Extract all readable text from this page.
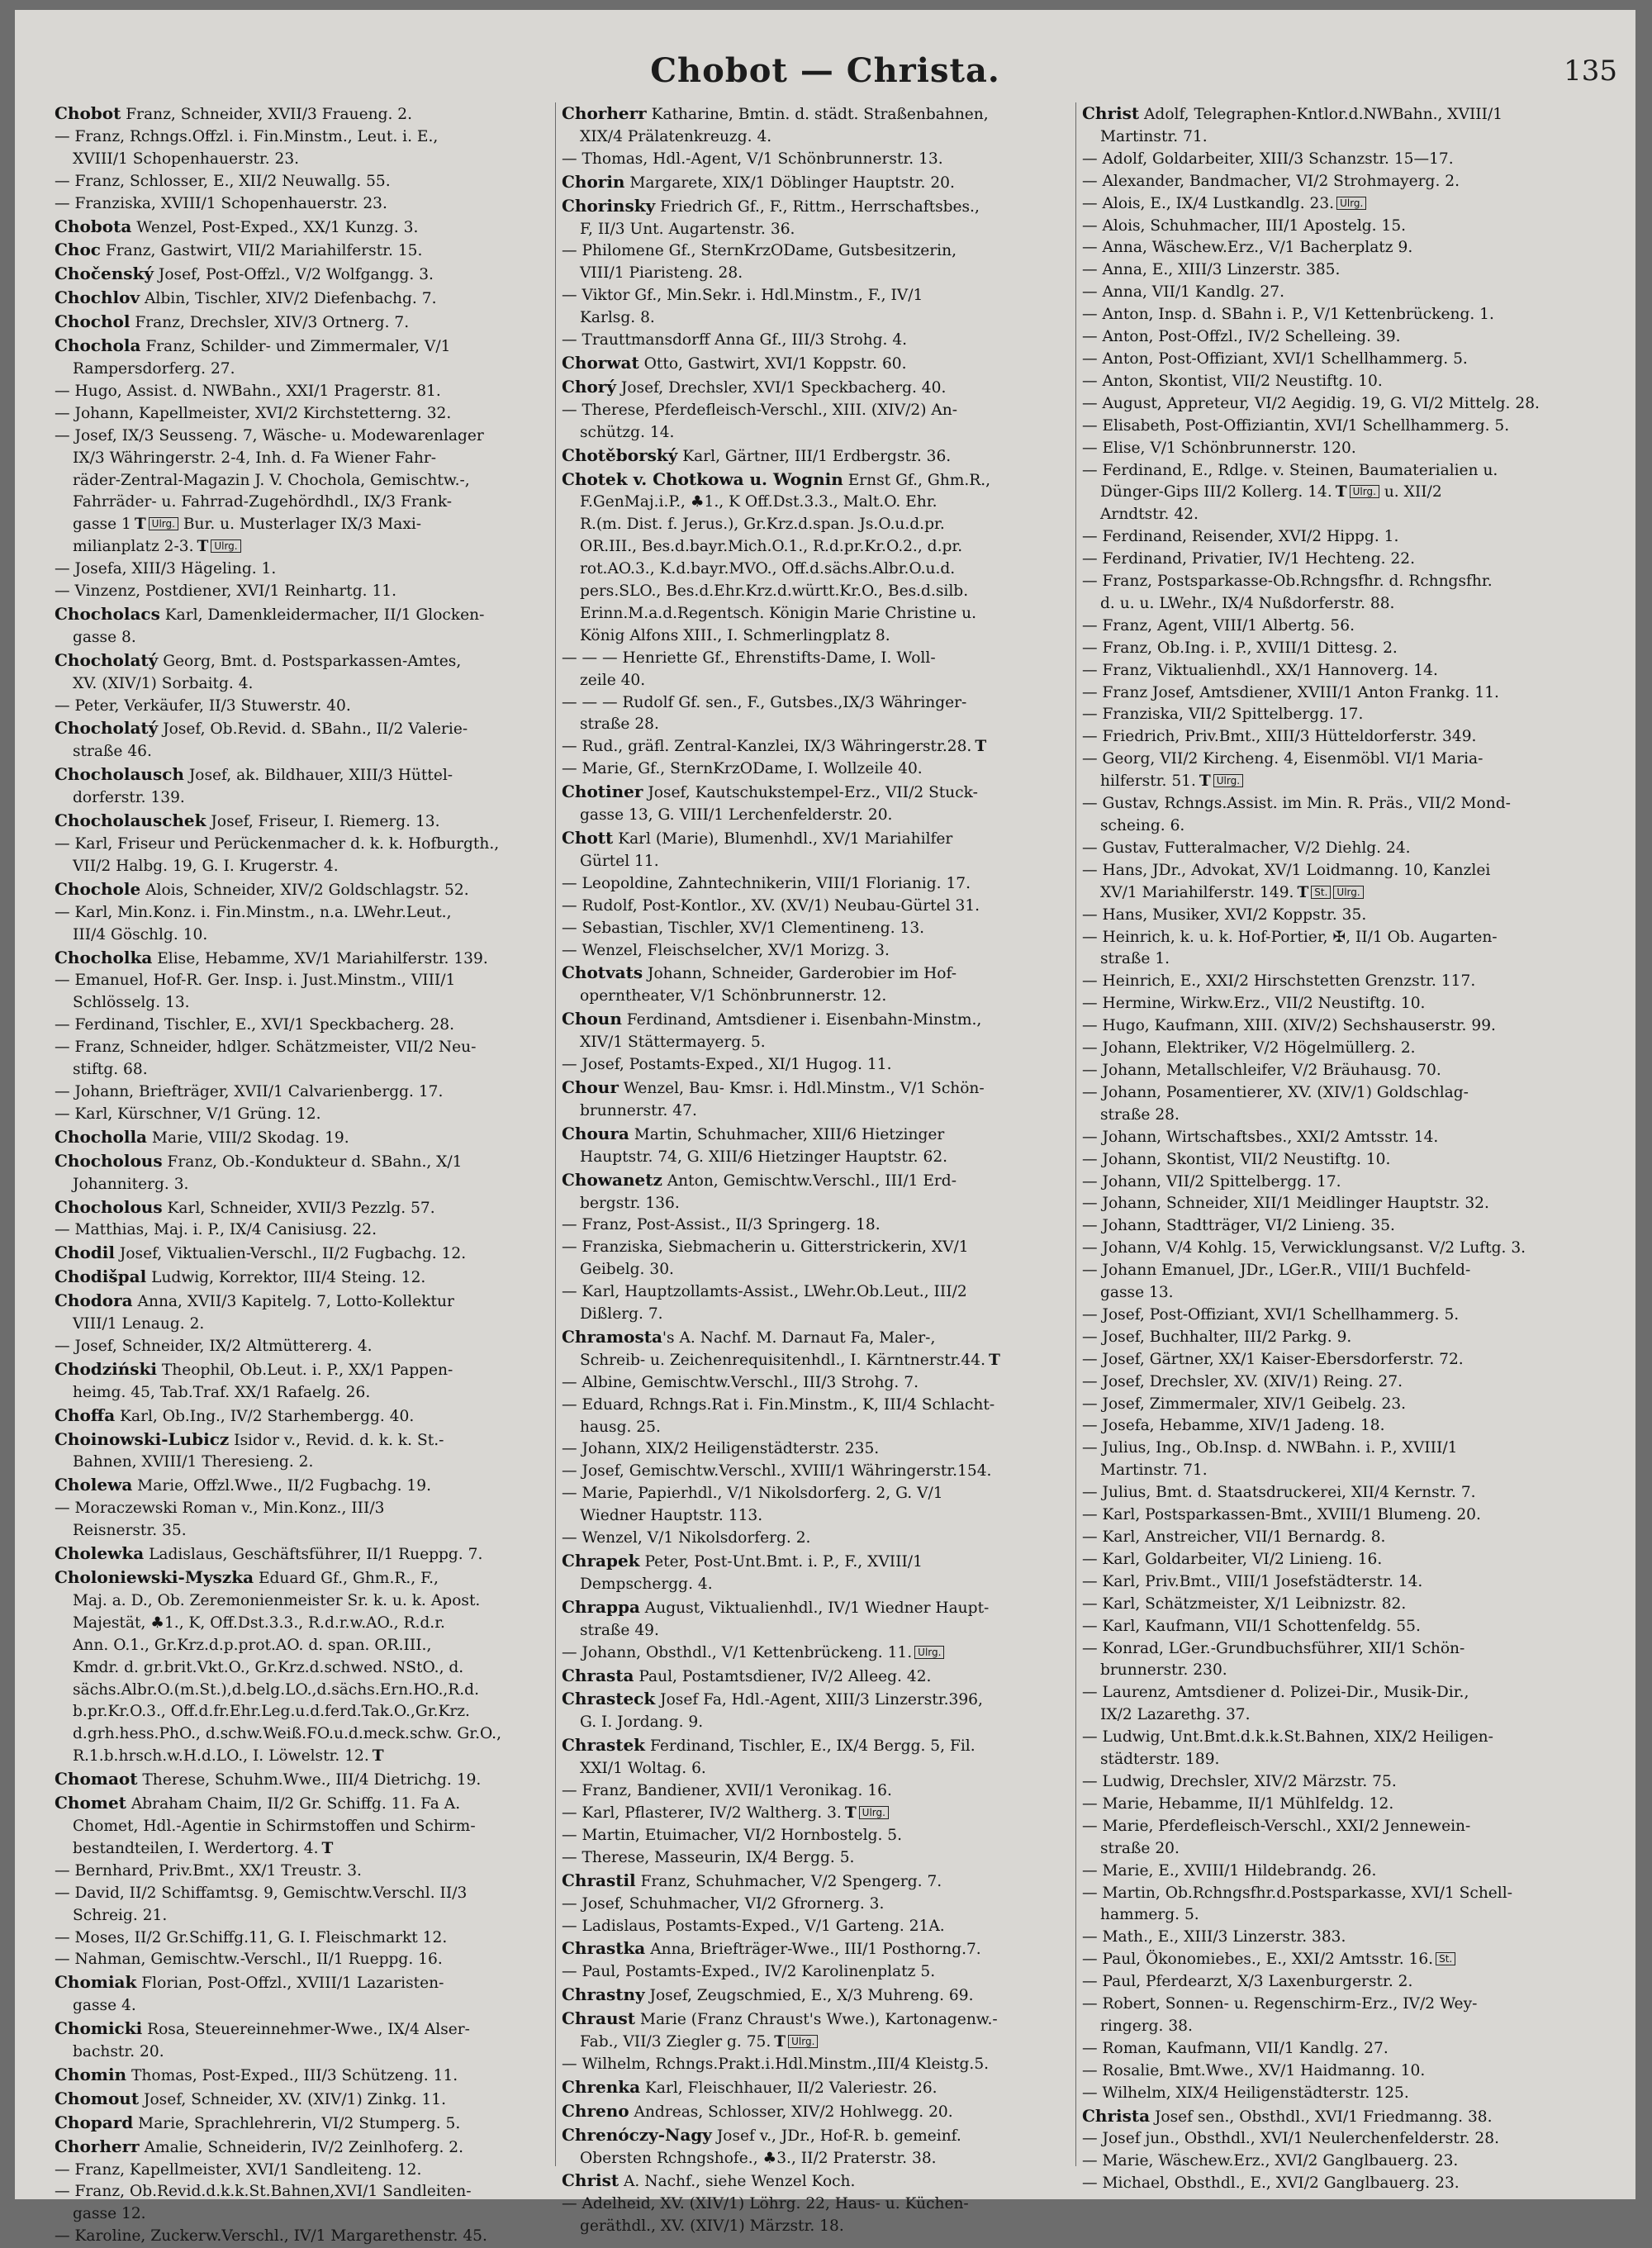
Chobot — Christa.	135
Chobot Franz, Schneider, XVII/3 Fraueng. 2.
— Franz, Rchngs.Offzl. i. Fin.Minstm., Leut. i. E.,
XVIII/1 Schopenhauerstr. 23.
— Franz, Schlosser, E., XII/2 Neuwallg. 55.
— Franziska, XVIII/1 Schopenhauerstr. 23.
Chobota Wenzel, Post-Exped., XX/1 Kunzg. 3.
Choc Franz, Gastwirt, VII/2 Mariahilferstr. 15.
Chočenský Josef, Post-Offzl., V/2 Wolfgangg. 3.
Chochlov Albin, Tischler, XIV/2 Diefenbachg. 7.
Chochol Franz, Drechsler, XIV/3 Ortnerg. 7.
Chochola Franz, Schilder- und Zimmermaler, V/1
Rampersdorferg. 27.
— Hugo, Assist. d. NWBahn., XXI/1 Pragerstr. 81.
— Johann, Kapellmeister, XVI/2 Kirchstetterng. 32.
— Josef, IX/3 Seusseng. 7, Wäsche- u. Modewarenlager
IX/3 Währingerstr. 2-4, Inh. d. Fa Wiener Fahr-
räder-Zentral-Magazin J. V. Chochola, Gemischtw.-,
Fahrräder- u. Fahrrad-Zugehördhdl., IX/3 Frank-
gasse 1 T Ulrg. Bur. u. Musterlager IX/3 Maxi-
milianplatz 2-3. T Ulrg.
— Josefa, XIII/3 Hägeling. 1.
— Vinzenz, Postdiener, XVI/1 Reinhartg. 11.
Chocholacs Karl, Damenkleidermacher, II/1 Glocken-
gasse 8.
Chocholatý Georg, Bmt. d. Postsparkassen-Amtes,
XV. (XIV/1) Sorbaitg. 4.
— Peter, Verkäufer, II/3 Stuwerstr. 40.
Chocholatý Josef, Ob.Revid. d. SBahn., II/2 Valerie-
straße 46.
Chocholausch Josef, ak. Bildhauer, XIII/3 Hüttel-
dorferstr. 139.
Chocholauschek Josef, Friseur, I. Riemerg. 13.
— Karl, Friseur und Perückenmacher d. k. k. Hofburgth.,
VII/2 Halbg. 19, G. I. Krugerstr. 4.
Chochole Alois, Schneider, XIV/2 Goldschlagstr. 52.
— Karl, Min.Konz. i. Fin.Minstm., n.a. LWehr.Leut.,
III/4 Göschlg. 10.
Chocholka Elise, Hebamme, XV/1 Mariahilferstr. 139.
— Emanuel, Hof-R. Ger. Insp. i. Just.Minstm., VIII/1
Schlösselg. 13.
— Ferdinand, Tischler, E., XVI/1 Speckbacherg. 28.
— Franz, Schneider, hdlger. Schätzmeister, VII/2 Neu-
stiftg. 68.
— Johann, Briefträger, XVII/1 Calvarienbergg. 17.
— Karl, Kürschner, V/1 Grüng. 12.
Chocholla Marie, VIII/2 Skodag. 19.
Chocholous Franz, Ob.-Kondukteur d. SBahn., X/1
Johanniterg. 3.
Chocholous Karl, Schneider, XVII/3 Pezzlg. 57.
— Matthias, Maj. i. P., IX/4 Canisiusg. 22.
Chodil Josef, Viktualien-Verschl., II/2 Fugbachg. 12.
Chodišpal Ludwig, Korrektor, III/4 Steing. 12.
Chodora Anna, XVII/3 Kapitelg. 7, Lotto-Kollektur
VIII/1 Lenaug. 2.
— Josef, Schneider, IX/2 Altmüttererg. 4.
Chodziński Theophil, Ob.Leut. i. P., XX/1 Pappen-
heimg. 45, Tab.Traf. XX/1 Rafaelg. 26.
Choffa Karl, Ob.Ing., IV/2 Starhembergg. 40.
Choinowski-Lubicz Isidor v., Revid. d. k. k. St.-
Bahnen, XVIII/1 Theresieng. 2.
Cholewa Marie, Offzl.Wwe., II/2 Fugbachg. 19.
— Moraczewski Roman v., Min.Konz., III/3
Reisnerstr. 35.
Cholewka Ladislaus, Geschäftsführer, II/1 Rueppg. 7.
Choloniewski-Myszka Eduard Gf., Ghm.R., F.,
Maj. a. D., Ob. Zeremonienmeister Sr. k. u. k. Apost.
Majestät, ♣1., K, Off.Dst.3.3., R.d.r.w.AO., R.d.r.
Ann. O.1., Gr.Krz.d.p.prot.AO. d. span. OR.III.,
Kmdr. d. gr.brit.Vkt.O., Gr.Krz.d.schwed. NStO., d.
sächs.Albr.O.(m.St.),d.belg.LO.,d.sächs.Ern.HO.,R.d.
b.pr.Kr.O.3., Off.d.fr.Ehr.Leg.u.d.ferd.Tak.O.,Gr.Krz.
d.grh.hess.PhO., d.schw.Weiß.FO.u.d.meck.schw. Gr.O.,
R.1.b.hrsch.w.H.d.LO., I. Löwelstr. 12. T
Chomaot Therese, Schuhm.Wwe., III/4 Dietrichg. 19.
Chomet Abraham Chaim, II/2 Gr. Schiffg. 11. Fa A.
Chomet, Hdl.-Agentie in Schirmstoffen und Schirm-
bestandteilen, I. Werdertorg. 4. T
— Bernhard, Priv.Bmt., XX/1 Treustr. 3.
— David, II/2 Schiffamtsg. 9, Gemischtw.Verschl. II/3
Schreig. 21.
— Moses, II/2 Gr.Schiffg.11, G. I. Fleischmarkt 12.
— Nahman, Gemischtw.-Verschl., II/1 Rueppg. 16.
Chomiak Florian, Post-Offzl., XVIII/1 Lazaristen-
gasse 4.
Chomicki Rosa, Steuereinnehmer-Wwe., IX/4 Alser-
bachstr. 20.
Chomin Thomas, Post-Exped., III/3 Schützeng. 11.
Chomout Josef, Schneider, XV. (XIV/1) Zinkg. 11.
Chopard Marie, Sprachlehrerin, VI/2 Stumperg. 5.
Chorherr Amalie, Schneiderin, IV/2 Zeinlhoferg. 2.
— Franz, Kapellmeister, XVI/1 Sandleiteng. 12.
— Franz, Ob.Revid.d.k.k.St.Bahnen,XVI/1 Sandleiten-
gasse 12.
— Karoline, Zuckerw.Verschl., IV/1 Margarethenstr. 45.
Chorherr Katharine, Bmtin. d. städt. Straßenbahnen,
XIX/4 Prälatenkreuzg. 4.
— Thomas, Hdl.-Agent, V/1 Schönbrunnerstr. 13.
Chorin Margarete, XIX/1 Döblinger Hauptstr. 20.
Chorinsky Friedrich Gf., F., Rittm., Herrschaftsbes.,
F, II/3 Unt. Augartenstr. 36.
— Philomene Gf., SternKrzODame, Gutsbesitzerin,
VIII/1 Piaristeng. 28.
— Viktor Gf., Min.Sekr. i. Hdl.Minstm., F., IV/1
Karlsg. 8.
— Trauttmansdorff Anna Gf., III/3 Strohg. 4.
Chorwat Otto, Gastwirt, XVI/1 Koppstr. 60.
Chorý Josef, Drechsler, XVI/1 Speckbacherg. 40.
— Therese, Pferdefleisch-Verschl., XIII. (XIV/2) An-
schützg. 14.
Chotěborský Karl, Gärtner, III/1 Erdbergstr. 36.
Chotek v. Chotkowa u. Wognin Ernst Gf., Ghm.R.,
F.GenMaj.i.P., ♣1., K Off.Dst.3.3., Malt.O. Ehr.
R.(m. Dist. f. Jerus.), Gr.Krz.d.span. Js.O.u.d.pr.
OR.III., Bes.d.bayr.Mich.O.1., R.d.pr.Kr.O.2., d.pr.
rot.AO.3., K.d.bayr.MVO., Off.d.sächs.Albr.O.u.d.
pers.SLO., Bes.d.Ehr.Krz.d.württ.Kr.O., Bes.d.silb.
Erinn.M.a.d.Regentsch. Königin Marie Christine u.
König Alfons XIII., I. Schmerlingplatz 8.
— — — Henriette Gf., Ehrenstifts-Dame, I. Woll-
zeile 40.
— — — Rudolf Gf. sen., F., Gutsbes.,IX/3 Währinger-
straße 28.
— Rud., gräfl. Zentral-Kanzlei, IX/3 Währingerstr.28. T
— Marie, Gf., SternKrzODame, I. Wollzeile 40.
Chotiner Josef, Kautschukstempel-Erz., VII/2 Stuck-
gasse 13, G. VIII/1 Lerchenfelderstr. 20.
Chott Karl (Marie), Blumenhdl., XV/1 Mariahilfer
Gürtel 11.
— Leopoldine, Zahntechnikerin, VIII/1 Florianig. 17.
— Rudolf, Post-Kontlor., XV. (XV/1) Neubau-Gürtel 31.
— Sebastian, Tischler, XV/1 Clementineng. 13.
— Wenzel, Fleischselcher, XV/1 Morizg. 3.
Chotvats Johann, Schneider, Garderobier im Hof-
operntheater, V/1 Schönbrunnerstr. 12.
Choun Ferdinand, Amtsdiener i. Eisenbahn-Minstm.,
XIV/1 Stättermayerg. 5.
— Josef, Postamts-Exped., XI/1 Hugog. 11.
Chour Wenzel, Bau- Kmsr. i. Hdl.Minstm., V/1 Schön-
brunnerstr. 47.
Choura Martin, Schuhmacher, XIII/6 Hietzinger
Hauptstr. 74, G. XIII/6 Hietzinger Hauptstr. 62.
Chowanetz Anton, Gemischtw.Verschl., III/1 Erd-
bergstr. 136.
— Franz, Post-Assist., II/3 Springerg. 18.
— Franziska, Siebmacherin u. Gitterstrickerin, XV/1
Geibelg. 30.
— Karl, Hauptzollamts-Assist., LWehr.Ob.Leut., III/2
Dißlerg. 7.
Chramosta's A. Nachf. M. Darnaut Fa, Maler-,
Schreib- u. Zeichenrequisitenhdl., I. Kärntnerstr.44. T
— Albine, Gemischtw.Verschl., III/3 Strohg. 7.
— Eduard, Rchngs.Rat i. Fin.Minstm., K, III/4 Schlacht-
hausg. 25.
— Johann, XIX/2 Heiligenstädterstr. 235.
— Josef, Gemischtw.Verschl., XVIII/1 Währingerstr.154.
— Marie, Papierhdl., V/1 Nikolsdorferg. 2, G. V/1
Wiedner Hauptstr. 113.
— Wenzel, V/1 Nikolsdorferg. 2.
Chrapek Peter, Post-Unt.Bmt. i. P., F., XVIII/1
Dempschergg. 4.
Chrappa August, Viktualienhdl., IV/1 Wiedner Haupt-
straße 49.
— Johann, Obsthdl., V/1 Kettenbrückeng. 11. Ulrg.
Chrasta Paul, Postamtsdiener, IV/2 Alleeg. 42.
Chrasteck Josef Fa, Hdl.-Agent, XIII/3 Linzerstr.396,
G. I. Jordang. 9.
Chrastek Ferdinand, Tischler, E., IX/4 Bergg. 5, Fil.
XXI/1 Woltag. 6.
— Franz, Bandiener, XVII/1 Veronikag. 16.
— Karl, Pflasterer, IV/2 Waltherg. 3. T Ulrg.
— Martin, Etuimacher, VI/2 Hornbostelg. 5.
— Therese, Masseurin, IX/4 Bergg. 5.
Chrastil Franz, Schuhmacher, V/2 Spengerg. 7.
— Josef, Schuhmacher, VI/2 Gfrornerg. 3.
— Ladislaus, Postamts-Exped., V/1 Garteng. 21A.
Chrastka Anna, Briefträger-Wwe., III/1 Posthorng.7.
— Paul, Postamts-Exped., IV/2 Karolinenplatz 5.
Chrastny Josef, Zeugschmied, E., X/3 Muhreng. 69.
Chraust Marie (Franz Chraust's Wwe.), Kartonagenw.-
Fab., VII/3 Ziegler g. 75. T Ulrg.
— Wilhelm, Rchngs.Prakt.i.Hdl.Minstm.,III/4 Kleistg.5.
Chrenka Karl, Fleischhauer, II/2 Valeriestr. 26.
Chreno Andreas, Schlosser, XIV/2 Hohlwegg. 20.
Chrenóczy-Nagy Josef v., JDr., Hof-R. b. gemeinf.
Obersten Rchngshofe., ♣3., II/2 Praterstr. 38.
Christ A. Nachf., siehe Wenzel Koch.
— Adelheid, XV. (XIV/1) Löhrg. 22, Haus- u. Küchen-
geräthdl., XV. (XIV/1) Märzstr. 18.
Christ Adolf, Telegraphen-Kntlor.d.NWBahn., XVIII/1
Martinstr. 71.
— Adolf, Goldarbeiter, XIII/3 Schanzstr. 15—17.
— Alexander, Bandmacher, VI/2 Strohmayerg. 2.
— Alois, E., IX/4 Lustkandlg. 23. Ulrg.
— Alois, Schuhmacher, III/1 Apostelg. 15.
— Anna, Wäschew.Erz., V/1 Bacherplatz 9.
— Anna, E., XIII/3 Linzerstr. 385.
— Anna, VII/1 Kandlg. 27.
— Anton, Insp. d. SBahn i. P., V/1 Kettenbrückeng. 1.
— Anton, Post-Offzl., IV/2 Schelleing. 39.
— Anton, Post-Offiziant, XVI/1 Schellhammerg. 5.
— Anton, Skontist, VII/2 Neustiftg. 10.
— August, Appreteur, VI/2 Aegidig. 19, G. VI/2 Mittelg. 28.
— Elisabeth, Post-Offiziantin, XVI/1 Schellhammerg. 5.
— Elise, V/1 Schönbrunnerstr. 120.
— Ferdinand, E., Rdlge. v. Steinen, Baumaterialien u.
Dünger-Gips III/2 Kollerg. 14. T Ulrg. u. XII/2
Arndtstr. 42.
— Ferdinand, Reisender, XVI/2 Hippg. 1.
— Ferdinand, Privatier, IV/1 Hechteng. 22.
— Franz, Postsparkasse-Ob.Rchngsfhr. d. Rchngsfhr.
d. u. u. LWehr., IX/4 Nußdorferstr. 88.
— Franz, Agent, VIII/1 Albertg. 56.
— Franz, Ob.Ing. i. P., XVIII/1 Dittesg. 2.
— Franz, Viktualienhdl., XX/1 Hannoverg. 14.
— Franz Josef, Amtsdiener, XVIII/1 Anton Frankg. 11.
— Franziska, VII/2 Spittelbergg. 17.
— Friedrich, Priv.Bmt., XIII/3 Hütteldorferstr. 349.
— Georg, VII/2 Kircheng. 4, Eisenmöbl. VI/1 Maria-
hilferstr. 51. T Ulrg.
— Gustav, Rchngs.Assist. im Min. R. Präs., VII/2 Mond-
scheing. 6.
— Gustav, Futteralmacher, V/2 Diehlg. 24.
— Hans, JDr., Advokat, XV/1 Loidmanng. 10, Kanzlei
XV/1 Mariahilferstr. 149. T St. Ulrg.
— Hans, Musiker, XVI/2 Koppstr. 35.
— Heinrich, k. u. k. Hof-Portier, ✠, II/1 Ob. Augarten-
straße 1.
— Heinrich, E., XXI/2 Hirschstetten Grenzstr. 117.
— Hermine, Wirkw.Erz., VII/2 Neustiftg. 10.
— Hugo, Kaufmann, XIII. (XIV/2) Sechshauserstr. 99.
— Johann, Elektriker, V/2 Högelmüllerg. 2.
— Johann, Metallschleifer, V/2 Bräuhausg. 70.
— Johann, Posamentierer, XV. (XIV/1) Goldschlag-
straße 28.
— Johann, Wirtschaftsbes., XXI/2 Amtsstr. 14.
— Johann, Skontist, VII/2 Neustiftg. 10.
— Johann, VII/2 Spittelbergg. 17.
— Johann, Schneider, XII/1 Meidlinger Hauptstr. 32.
— Johann, Stadtträger, VI/2 Linieng. 35.
— Johann, V/4 Kohlg. 15, Verwicklungsanst. V/2 Luftg. 3.
— Johann Emanuel, JDr., LGer.R., VIII/1 Buchfeld-
gasse 13.
— Josef, Post-Offiziant, XVI/1 Schellhammerg. 5.
— Josef, Buchhalter, III/2 Parkg. 9.
— Josef, Gärtner, XX/1 Kaiser-Ebersdorferstr. 72.
— Josef, Drechsler, XV. (XIV/1) Reing. 27.
— Josef, Zimmermaler, XIV/1 Geibelg. 23.
— Josefa, Hebamme, XIV/1 Jadeng. 18.
— Julius, Ing., Ob.Insp. d. NWBahn. i. P., XVIII/1
Martinstr. 71.
— Julius, Bmt. d. Staatsdruckerei, XII/4 Kernstr. 7.
— Karl, Postsparkassen-Bmt., XVIII/1 Blumeng. 20.
— Karl, Anstreicher, VII/1 Bernardg. 8.
— Karl, Goldarbeiter, VI/2 Linieng. 16.
— Karl, Priv.Bmt., VIII/1 Josefstädterstr. 14.
— Karl, Schätzmeister, X/1 Leibnizstr. 82.
— Karl, Kaufmann, VII/1 Schottenfeldg. 55.
— Konrad, LGer.-Grundbuchsführer, XII/1 Schön-
brunnerstr. 230.
— Laurenz, Amtsdiener d. Polizei-Dir., Musik-Dir.,
IX/2 Lazarethg. 37.
— Ludwig, Unt.Bmt.d.k.k.St.Bahnen, XIX/2 Heiligen-
städterstr. 189.
— Ludwig, Drechsler, XIV/2 Märzstr. 75.
— Marie, Hebamme, II/1 Mühlfeldg. 12.
— Marie, Pferdefleisch-Verschl., XXI/2 Jennewein-
straße 20.
— Marie, E., XVIII/1 Hildebrandg. 26.
— Martin, Ob.Rchngsfhr.d.Postsparkasse, XVI/1 Schell-
hammerg. 5.
— Math., E., XIII/3 Linzerstr. 383.
— Paul, Ökonomiebes., E., XXI/2 Amtsstr. 16. St.
— Paul, Pferdearzt, X/3 Laxenburgerstr. 2.
— Robert, Sonnen- u. Regenschirm-Erz., IV/2 Wey-
ringerg. 38.
— Roman, Kaufmann, VII/1 Kandlg. 27.
— Rosalie, Bmt.Wwe., XV/1 Haidmanng. 10.
— Wilhelm, XIX/4 Heiligenstädterstr. 125.
Christa Josef sen., Obsthdl., XVI/1 Friedmanng. 38.
— Josef jun., Obsthdl., XVI/1 Neulerchenfelderstr. 28.
— Marie, Wäschew.Erz., XVI/2 Ganglbauerg. 23.
— Michael, Obsthdl., E., XVI/2 Ganglbauerg. 23.
